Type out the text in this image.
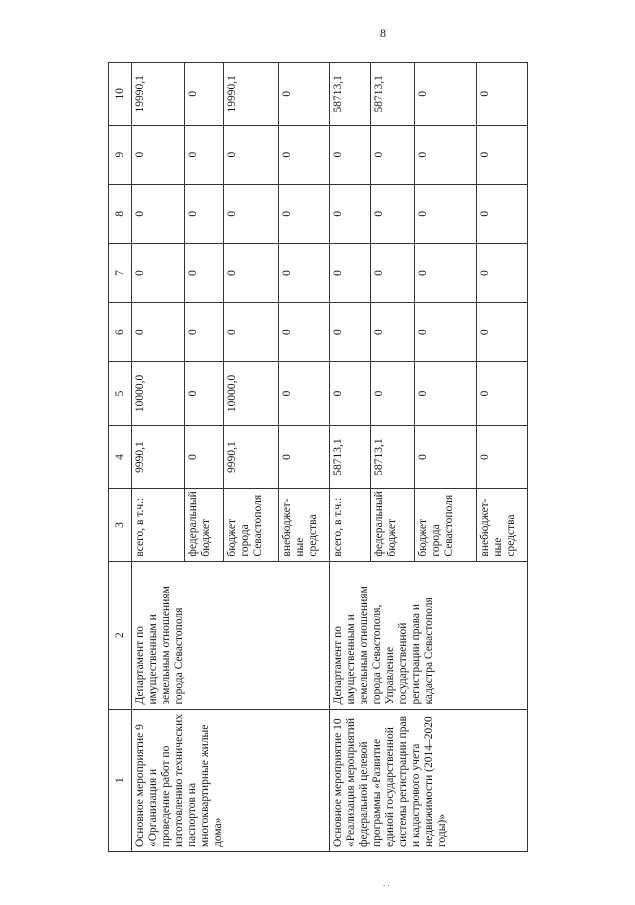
8
1	2	3	4	5	6	7	8	9	10
Основное мероприятие 9 «Организация и проведение работ по изготовлению технических паспортов на многоквартирные жилые дома»	Департамент по имущественным и земельным отношениям города Севастополя	всего, в т.ч.:	9990,1	10000,0	0	0	0	0	19990,1
		федеральный бюджет	0	0	0	0	0	0	0
		бюджет города Севастополя	9990,1	10000,0	0	0	0	0	19990,1
		внебюджет-ные средства	0	0	0	0	0	0	0
Основное мероприятие 10 «Реализация мероприятий федеральной целевой программы «Развитие единой государственной системы регистрации прав и кадастрового учета недвижимости (2014–2020 годы)»	Департамент по имущественным и земельным отношениям города Севастополя, Управление государственной регистрации права и кадастра Севастополя	всего, в т.ч.:	58713,1	0	0	0	0	0	58713,1
		федеральный бюджет	58713,1	0	0	0	0	0	58713,1
		бюджет города Севастополя	0	0	0	0	0	0	0
		внебюджет-ные средства	0	0	0	0	0	0	0
. .
